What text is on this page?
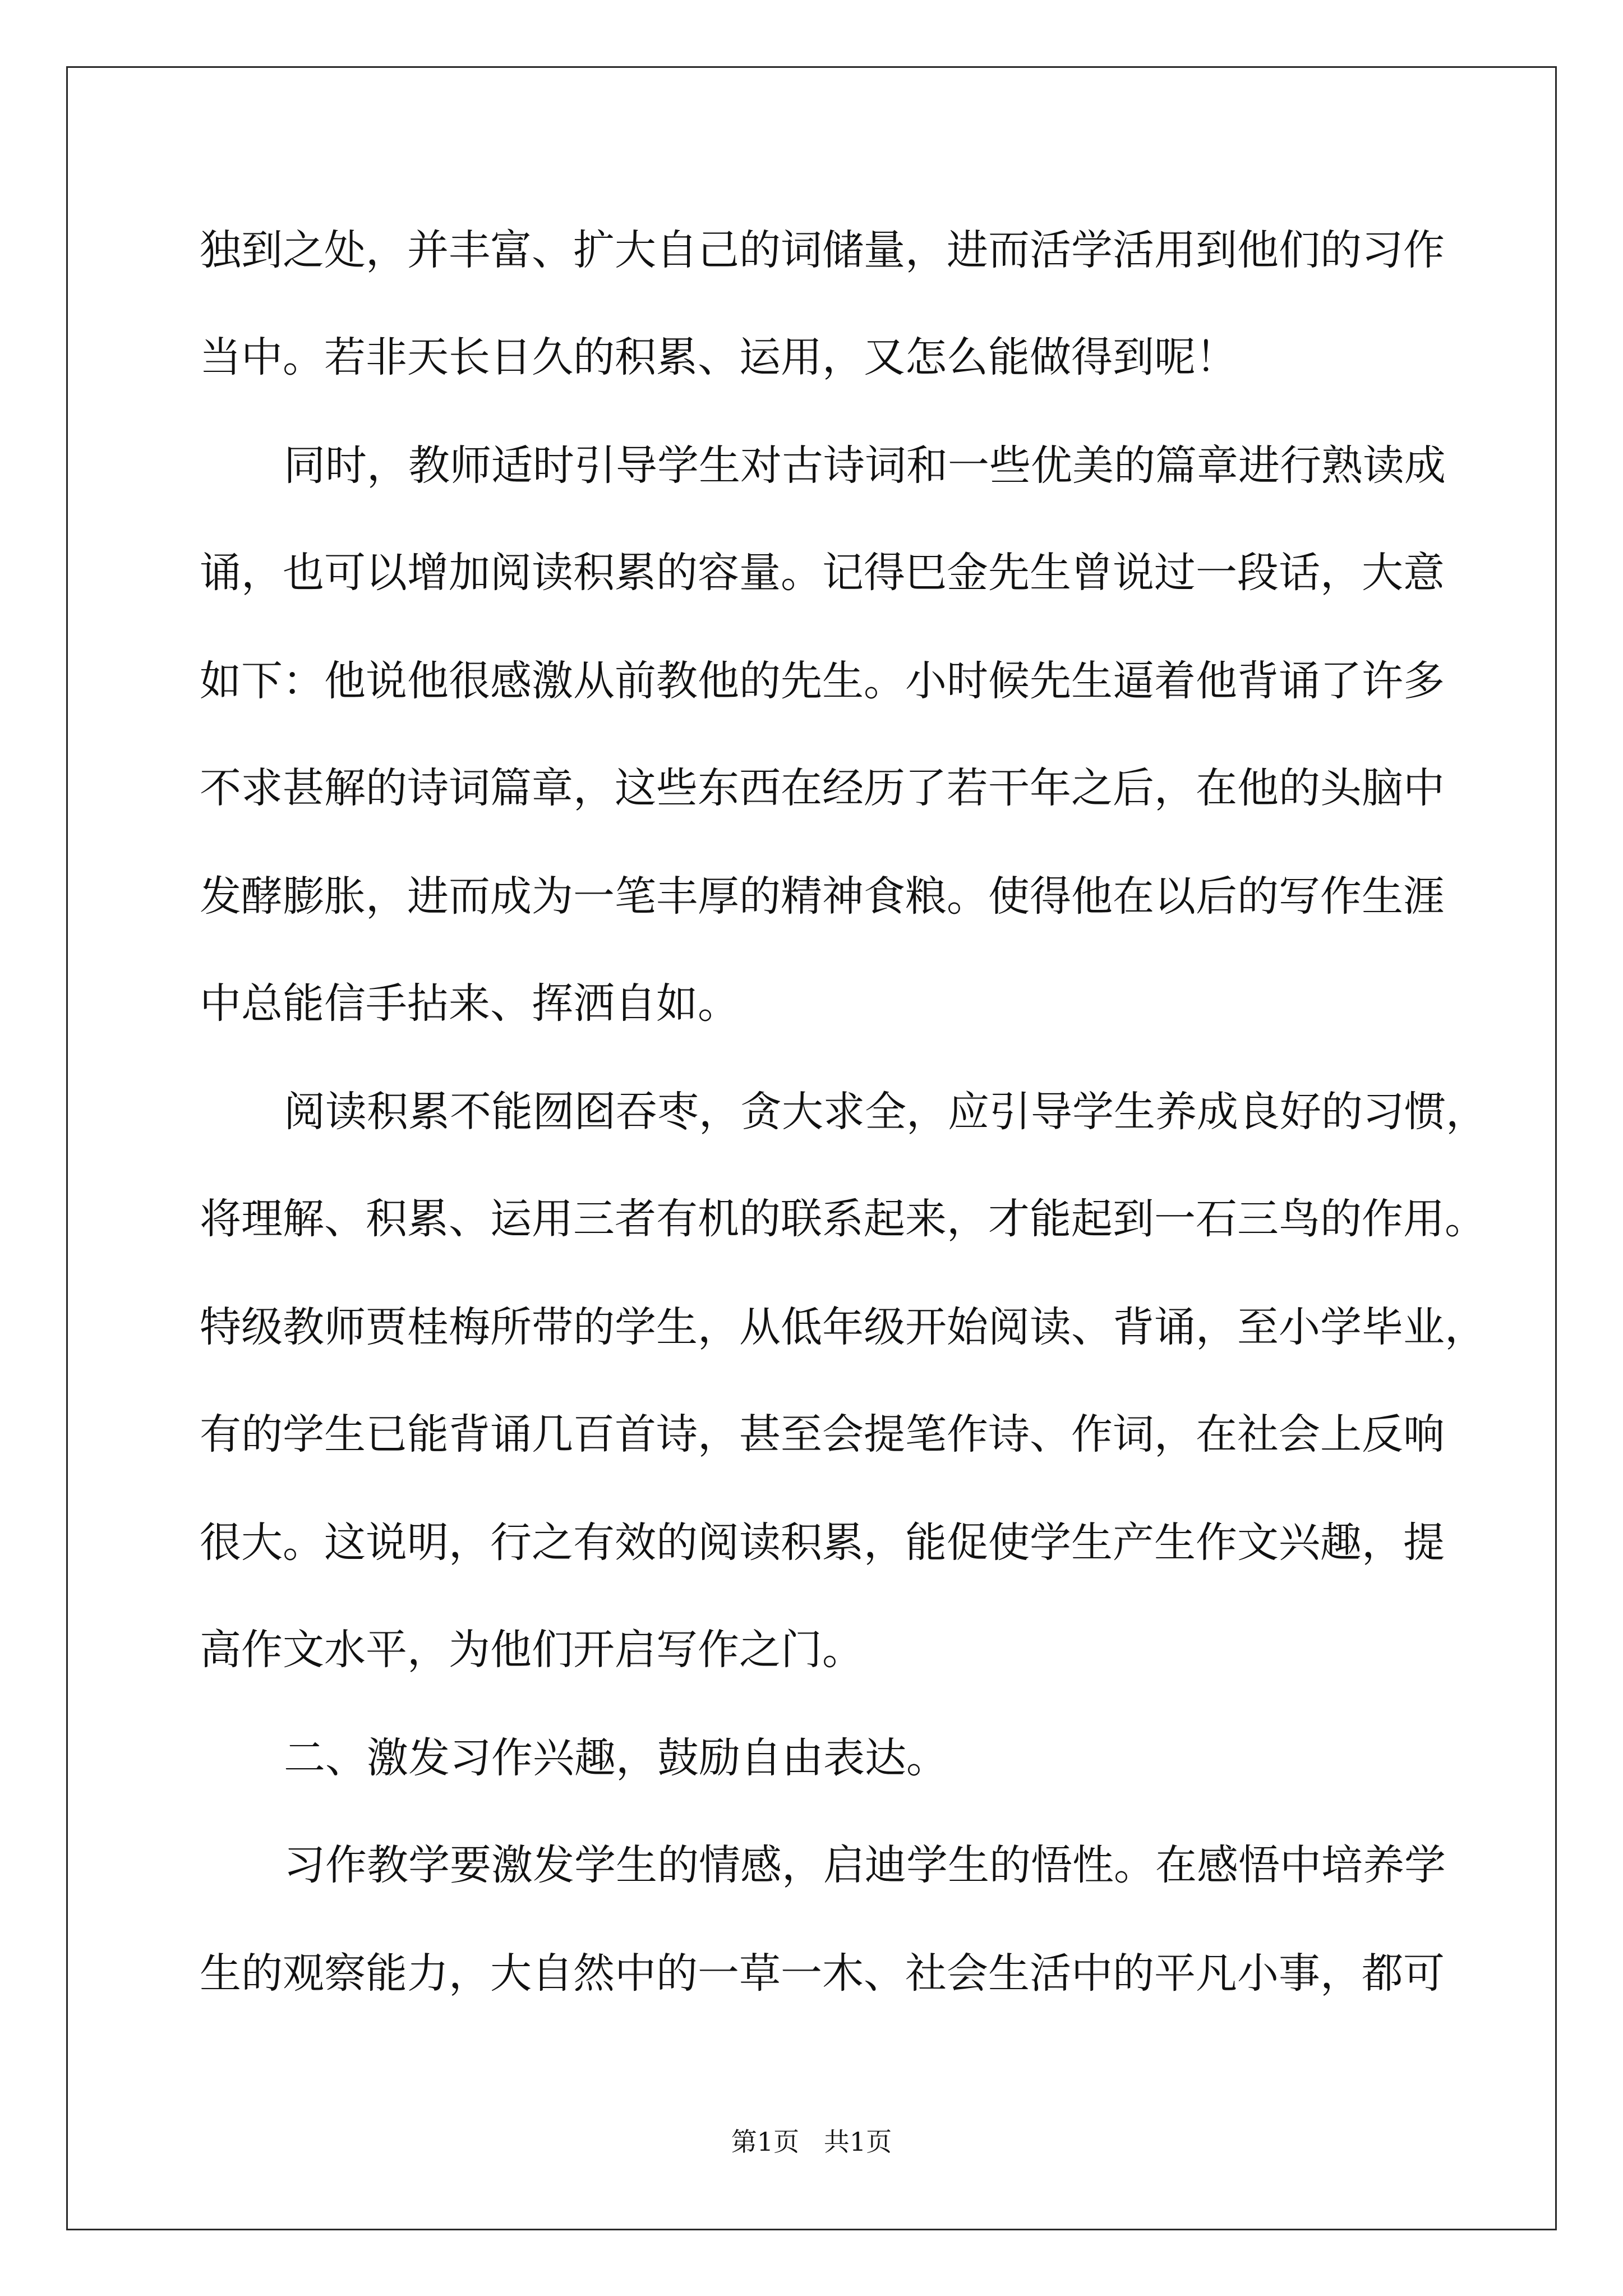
独到之处，并丰富、扩大自己的词储量，进而活学活用到他们的习作

当中。若非天长日久的积累、运用，又怎么能做得到呢！

同时，教师适时引导学生对古诗词和一些优美的篇章进行熟读成

诵，也可以增加阅读积累的容量。记得巴金先生曾说过一段话，大意

如下：他说他很感激从前教他的先生。小时候先生逼着他背诵了许多

不求甚解的诗词篇章，这些东西在经历了若干年之后，在他的头脑中

发酵膨胀，进而成为一笔丰厚的精神食粮。使得他在以后的写作生涯

中总能信手拈来、挥洒自如。

阅读积累不能囫囵吞枣，贪大求全，应引导学生养成良好的习惯，

将理解、积累、运用三者有机的联系起来，才能起到一石三鸟的作用。

特级教师贾桂梅所带的学生，从低年级开始阅读、背诵，至小学毕业，

有的学生已能背诵几百首诗，甚至会提笔作诗、作词，在社会上反响

很大。这说明，行之有效的阅读积累，能促使学生产生作文兴趣，提

高作文水平，为他们开启写作之门。

二、激发习作兴趣，鼓励自由表达。

习作教学要激发学生的情感，启迪学生的悟性。在感悟中培养学

生的观察能力，大自然中的一草一木、社会生活中的平凡小事，都可

第1页   共1页
